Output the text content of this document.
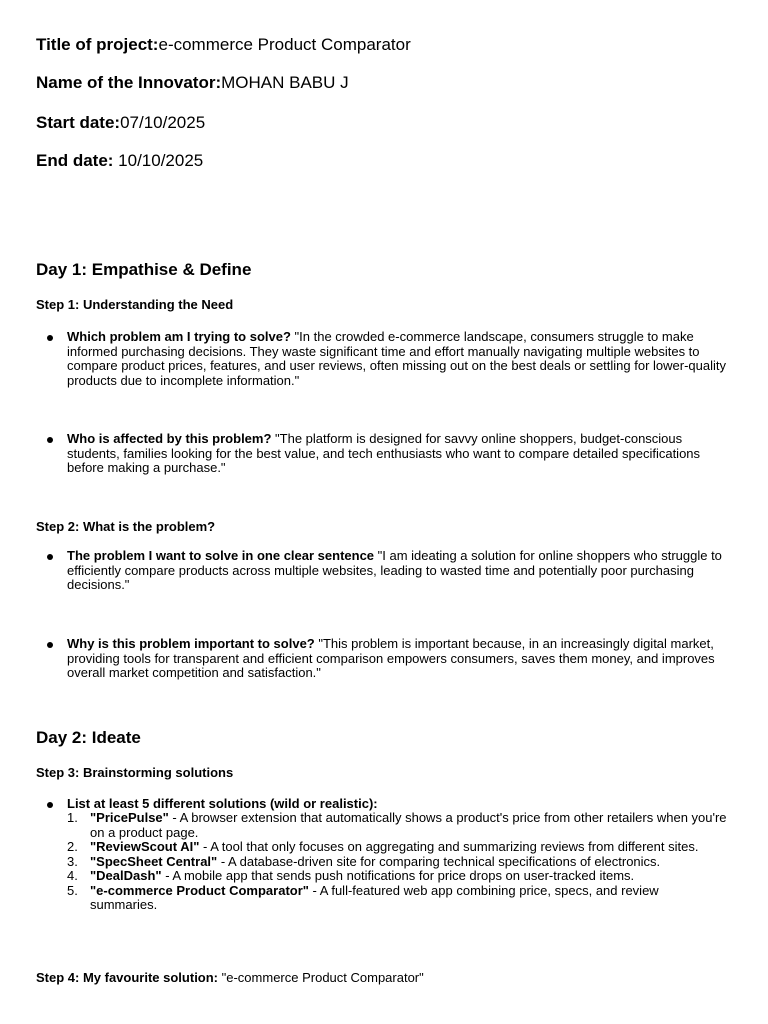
Title of project:e-commerce Product Comparator
Name of the Innovator:MOHAN BABU J
Start date:07/10/2025
End date: 10/10/2025
Day 1: Empathise & Define
Step 1: Understanding the Need
Which problem am I trying to solve? "In the crowded e-commerce landscape, consumers struggle to make informed purchasing decisions. They waste significant time and effort manually navigating multiple websites to compare product prices, features, and user reviews, often missing out on the best deals or settling for lower-quality products due to incomplete information."
Who is affected by this problem? "The platform is designed for savvy online shoppers, budget-conscious students, families looking for the best value, and tech enthusiasts who want to compare detailed specifications before making a purchase."
Step 2: What is the problem?
The problem I want to solve in one clear sentence "I am ideating a solution for online shoppers who struggle to efficiently compare products across multiple websites, leading to wasted time and potentially poor purchasing decisions."
Why is this problem important to solve? "This problem is important because, in an increasingly digital market, providing tools for transparent and efficient comparison empowers consumers, saves them money, and improves overall market competition and satisfaction."
Day 2: Ideate
Step 3: Brainstorming solutions
List at least 5 different solutions (wild or realistic):
1. "PricePulse" - A browser extension that automatically shows a product's price from other retailers when you're on a product page.
2. "ReviewScout AI" - A tool that only focuses on aggregating and summarizing reviews from different sites.
3. "SpecSheet Central" - A database-driven site for comparing technical specifications of electronics.
4. "DealDash" - A mobile app that sends push notifications for price drops on user-tracked items.
5. "e-commerce Product Comparator" - A full-featured web app combining price, specs, and review summaries.
Step 4: My favourite solution: "e-commerce Product Comparator"
